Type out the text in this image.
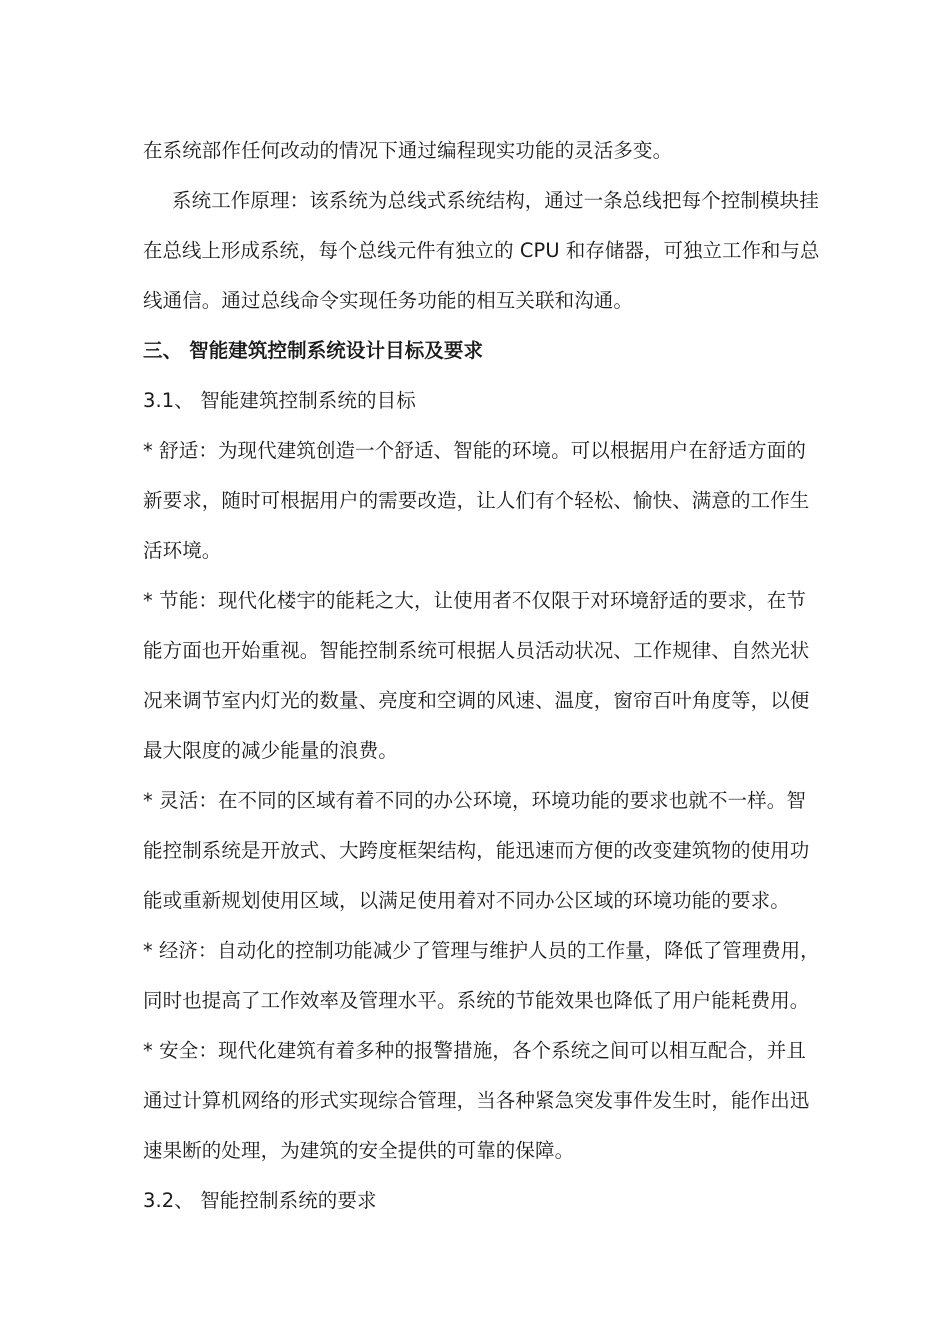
在系统部作任何改动的情况下通过编程现实功能的灵活多变。
系统工作原理：该系统为总线式系统结构，通过一条总线把每个控制模块挂
在总线上形成系统，每个总线元件有独立的 CPU 和存储器，可独立工作和与总
线通信。通过总线命令实现任务功能的相互关联和沟通。
三、 智能建筑控制系统设计目标及要求
3.1、 智能建筑控制系统的目标
* 舒适：为现代建筑创造一个舒适、智能的环境。可以根据用户在舒适方面的
新要求，随时可根据用户的需要改造，让人们有个轻松、愉快、满意的工作生
活环境。
* 节能：现代化楼宇的能耗之大，让使用者不仅限于对环境舒适的要求，在节
能方面也开始重视。智能控制系统可根据人员活动状况、工作规律、自然光状
况来调节室内灯光的数量、亮度和空调的风速、温度，窗帘百叶角度等，以便
最大限度的减少能量的浪费。
* 灵活：在不同的区域有着不同的办公环境，环境功能的要求也就不一样。智
能控制系统是开放式、大跨度框架结构，能迅速而方便的改变建筑物的使用功
能或重新规划使用区域，以满足使用着对不同办公区域的环境功能的要求。
* 经济：自动化的控制功能减少了管理与维护人员的工作量，降低了管理费用，
同时也提高了工作效率及管理水平。系统的节能效果也降低了用户能耗费用。
* 安全：现代化建筑有着多种的报警措施，各个系统之间可以相互配合，并且
通过计算机网络的形式实现综合管理，当各种紧急突发事件发生时，能作出迅
速果断的处理，为建筑的安全提供的可靠的保障。
3.2、 智能控制系统的要求
